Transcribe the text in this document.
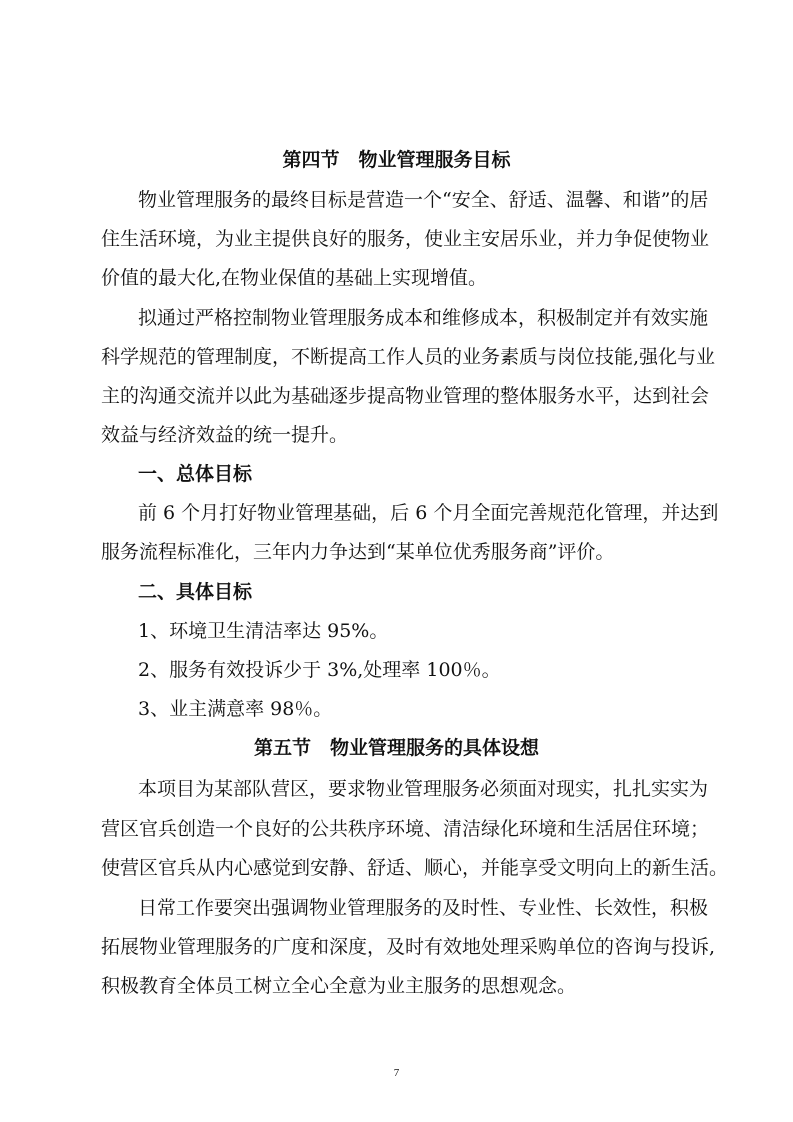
第四节　物业管理服务目标
物业管理服务的最终目标是营造一个“安全、舒适、温馨、和谐”的居
住生活环境，为业主提供良好的服务，使业主安居乐业，并力争促使物业
价值的最大化,在物业保值的基础上实现增值。
拟通过严格控制物业管理服务成本和维修成本，积极制定并有效实施
科学规范的管理制度，不断提高工作人员的业务素质与岗位技能,强化与业
主的沟通交流并以此为基础逐步提高物业管理的整体服务水平，达到社会
效益与经济效益的统一提升。
一、总体目标
前 6 个月打好物业管理基础，后 6 个月全面完善规范化管理，并达到
服务流程标准化，三年内力争达到“某单位优秀服务商”评价。
二、具体目标
1、环境卫生清洁率达 95%。
2、服务有效投诉少于 3%,处理率 100％。
3、业主满意率 98％。
第五节　物业管理服务的具体设想
本项目为某部队营区，要求物业管理服务必须面对现实，扎扎实实为
营区官兵创造一个良好的公共秩序环境、清洁绿化环境和生活居住环境；
使营区官兵从内心感觉到安静、舒适、顺心，并能享受文明向上的新生活。
日常工作要突出强调物业管理服务的及时性、专业性、长效性，积极
拓展物业管理服务的广度和深度，及时有效地处理采购单位的咨询与投诉,
积极教育全体员工树立全心全意为业主服务的思想观念。
7
